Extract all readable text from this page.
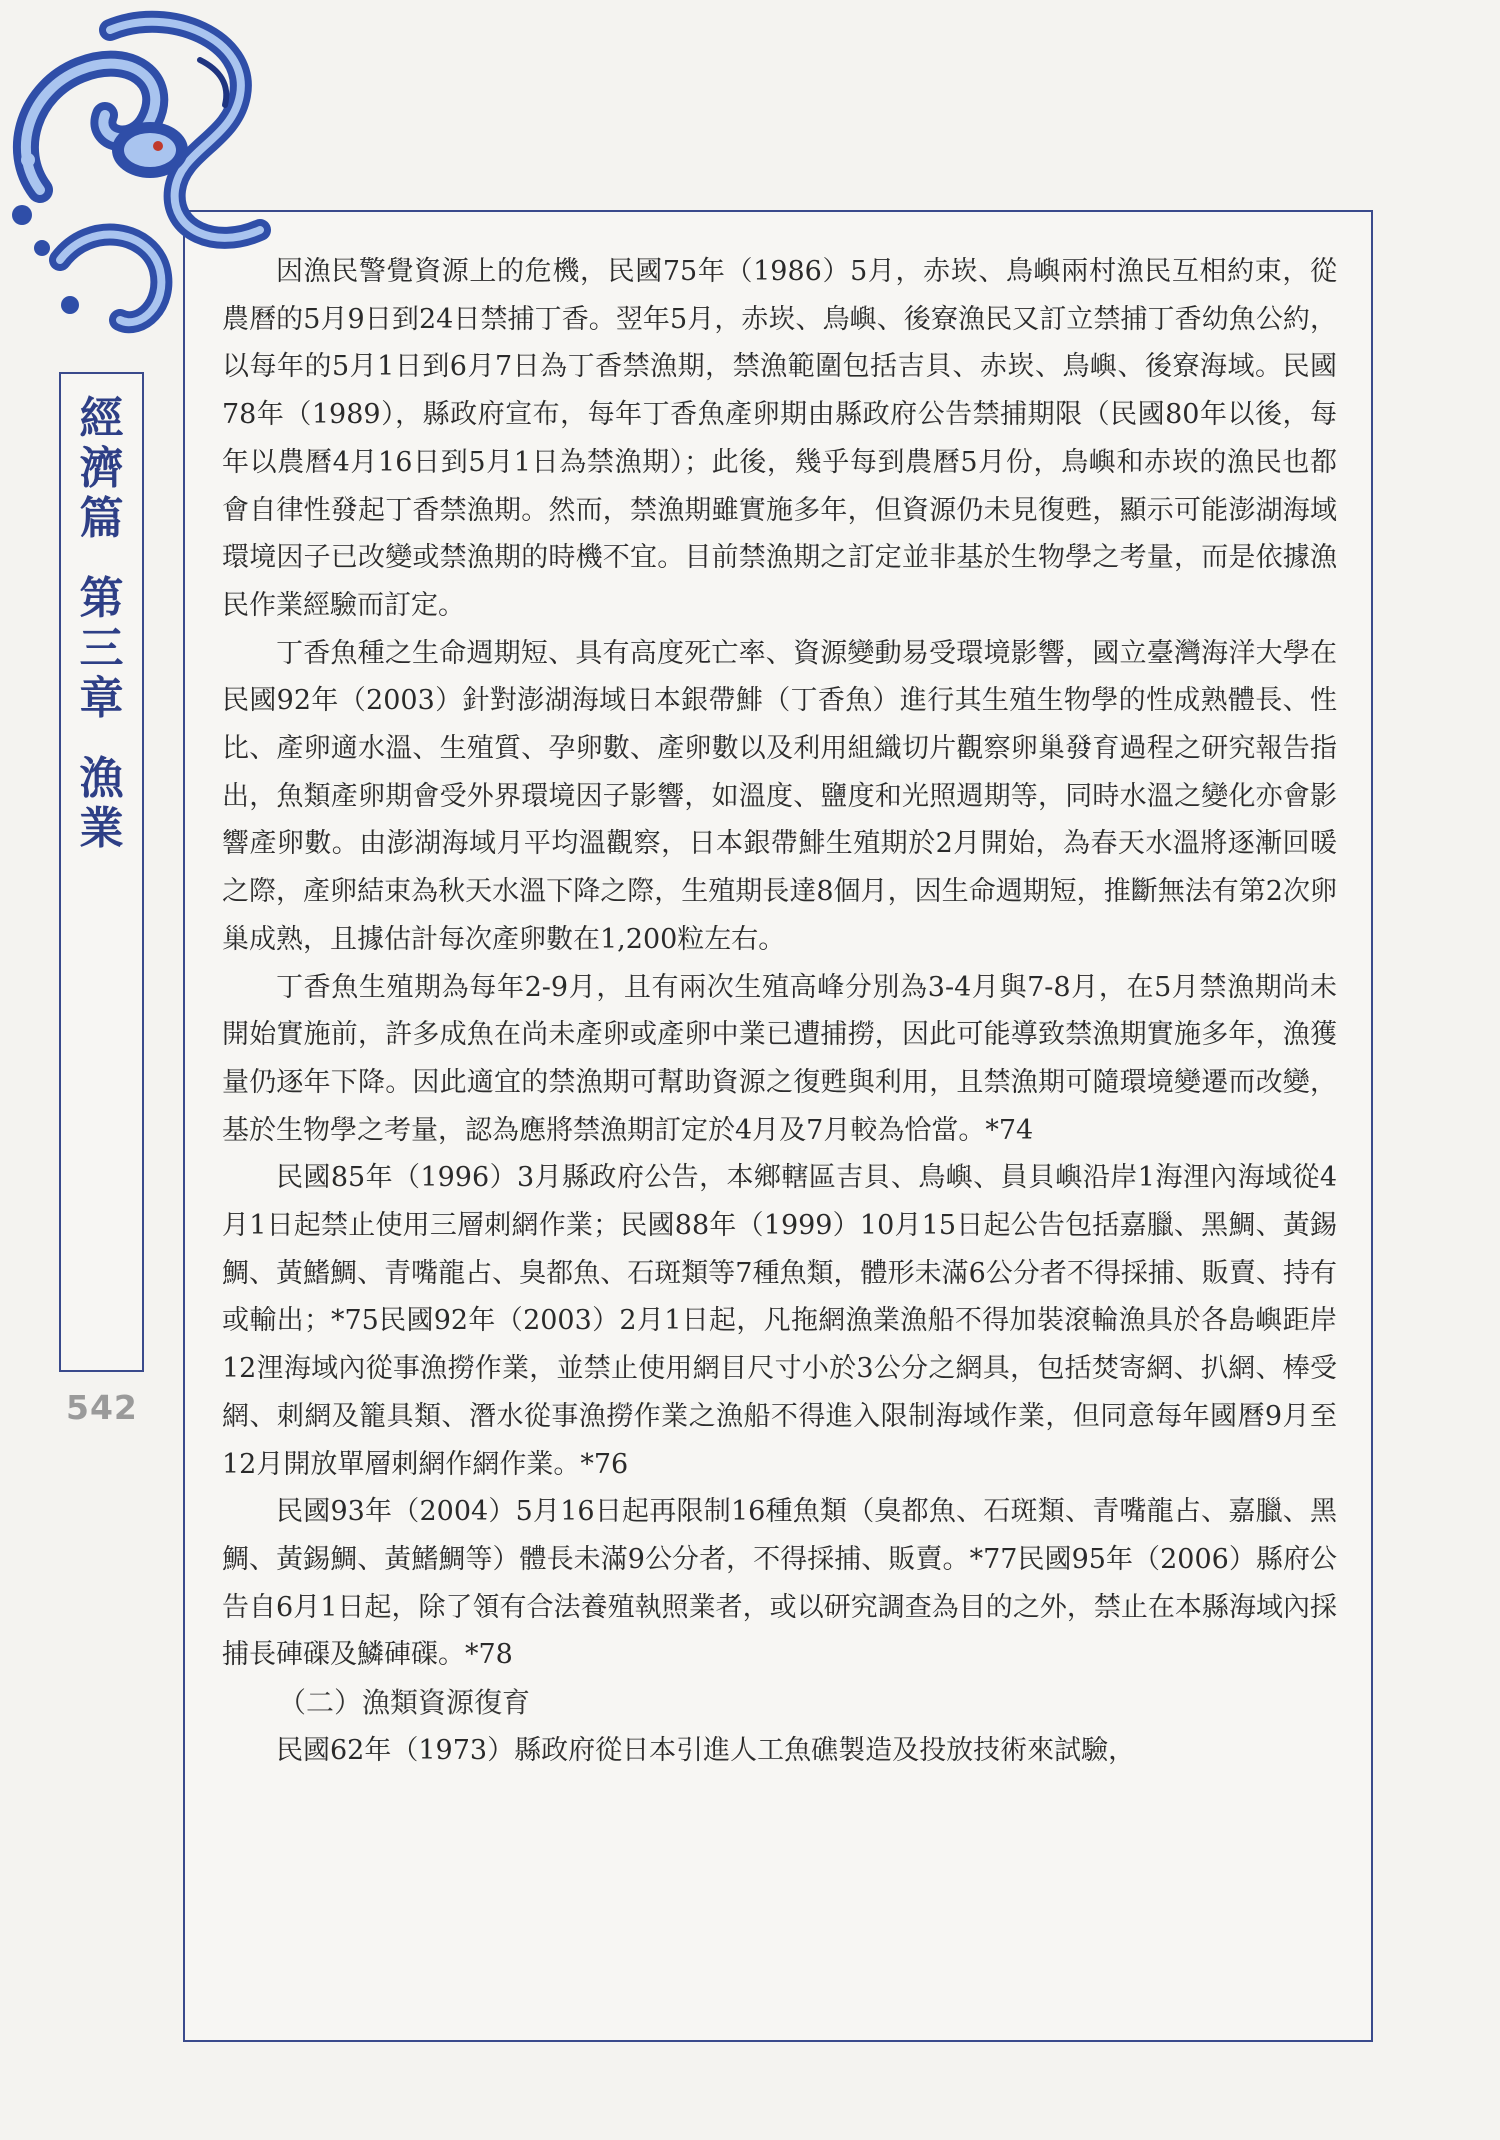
經
濟
篇
第
三
章
漁
業
542

因漁民警覺資源上的危機，民國75年（1986）5月，赤崁、鳥嶼兩村漁民互相約束，從農曆的5月9日到24日禁捕丁香。翌年5月，赤崁、鳥嶼、後寮漁民又訂立禁捕丁香幼魚公約，以每年的5月1日到6月7日為丁香禁漁期，禁漁範圍包括吉貝、赤崁、鳥嶼、後寮海域。民國78年（1989），縣政府宣布，每年丁香魚產卵期由縣政府公告禁捕期限（民國80年以後，每年以農曆4月16日到5月1日為禁漁期）；此後，幾乎每到農曆5月份，鳥嶼和赤崁的漁民也都會自律性發起丁香禁漁期。然而，禁漁期雖實施多年，但資源仍未見復甦，顯示可能澎湖海域環境因子已改變或禁漁期的時機不宜。目前禁漁期之訂定並非基於生物學之考量，而是依據漁民作業經驗而訂定。

丁香魚種之生命週期短、具有高度死亡率、資源變動易受環境影響，國立臺灣海洋大學在民國92年（2003）針對澎湖海域日本銀帶鯡（丁香魚）進行其生殖生物學的性成熟體長、性比、產卵適水溫、生殖質、孕卵數、產卵數以及利用組織切片觀察卵巢發育過程之研究報告指出，魚類產卵期會受外界環境因子影響，如溫度、鹽度和光照週期等，同時水溫之變化亦會影響產卵數。由澎湖海域月平均溫觀察，日本銀帶鯡生殖期於2月開始，為春天水溫將逐漸回暖之際，產卵結束為秋天水溫下降之際，生殖期長達8個月，因生命週期短，推斷無法有第2次卵巢成熟，且據估計每次產卵數在1,200粒左右。

丁香魚生殖期為每年2-9月，且有兩次生殖高峰分別為3-4月與7-8月，在5月禁漁期尚未開始實施前，許多成魚在尚未產卵或產卵中業已遭捕撈，因此可能導致禁漁期實施多年，漁獲量仍逐年下降。因此適宜的禁漁期可幫助資源之復甦與利用，且禁漁期可隨環境變遷而改變，基於生物學之考量，認為應將禁漁期訂定於4月及7月較為恰當。*74

民國85年（1996）3月縣政府公告，本鄉轄區吉貝、鳥嶼、員貝嶼沿岸1海浬內海域從4月1日起禁止使用三層刺網作業；民國88年（1999）10月15日起公告包括嘉臘、黑鯛、黃錫鯛、黃鰭鯛、青嘴龍占、臭都魚、石斑類等7種魚類，體形未滿6公分者不得採捕、販賣、持有或輸出；*75民國92年（2003）2月1日起，凡拖網漁業漁船不得加裝滾輪漁具於各島嶼距岸12浬海域內從事漁撈作業，並禁止使用網目尺寸小於3公分之網具，包括焚寄網、扒網、棒受網、刺網及籠具類、潛水從事漁撈作業之漁船不得進入限制海域作業，但同意每年國曆9月至12月開放單層刺網作網作業。*76

民國93年（2004）5月16日起再限制16種魚類（臭都魚、石斑類、青嘴龍占、嘉臘、黑鯛、黃錫鯛、黃鰭鯛等）體長未滿9公分者，不得採捕、販賣。*77民國95年（2006）縣府公告自6月1日起，除了領有合法養殖執照業者，或以研究調查為目的之外，禁止在本縣海域內採捕長硨磲及鱗硨磲。*78

（二）漁類資源復育

民國62年（1973）縣政府從日本引進人工魚礁製造及投放技術來試驗，
